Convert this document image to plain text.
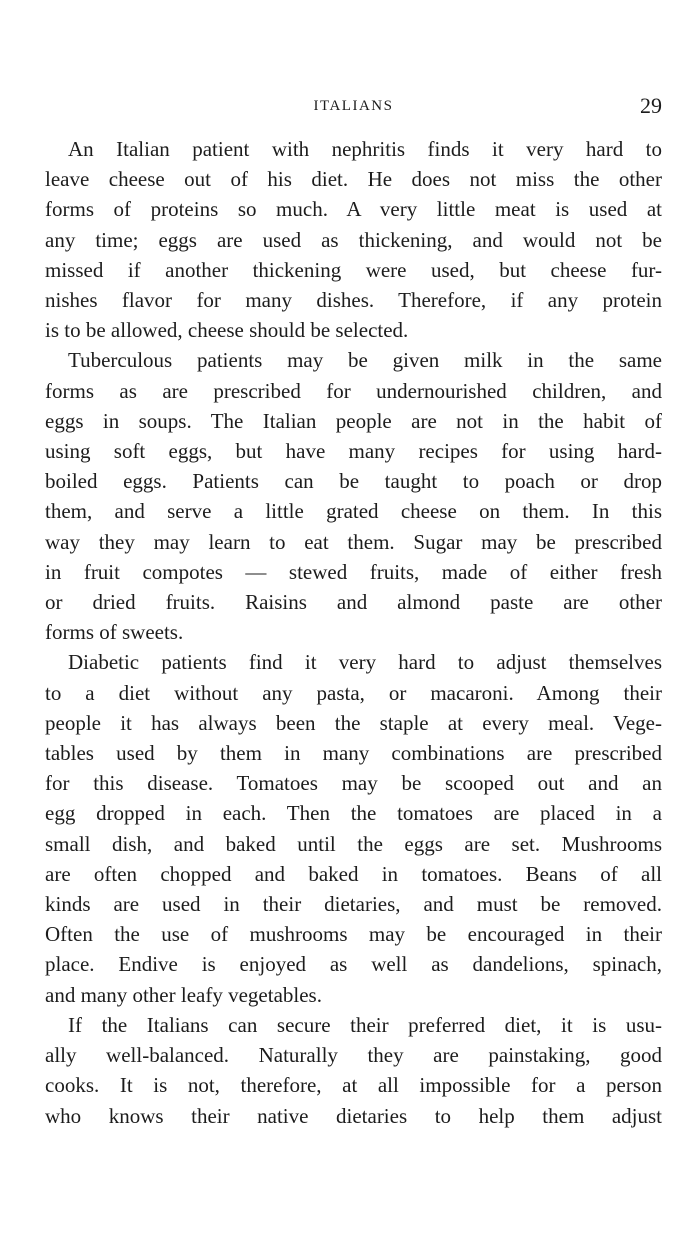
ITALIANS	29
An Italian patient with nephritis finds it very hard to
leave cheese out of his diet. He does not miss the other
forms of proteins so much. A very little meat is used at
any time; eggs are used as thickening, and would not be
missed if another thickening were used, but cheese fur-
nishes flavor for many dishes. Therefore, if any protein
is to be allowed, cheese should be selected.
Tuberculous patients may be given milk in the same
forms as are prescribed for undernourished children, and
eggs in soups. The Italian people are not in the habit of
using soft eggs, but have many recipes for using hard-
boiled eggs. Patients can be taught to poach or drop
them, and serve a little grated cheese on them. In this
way they may learn to eat them. Sugar may be prescribed
in fruit compotes — stewed fruits, made of either fresh
or dried fruits. Raisins and almond paste are other
forms of sweets.
Diabetic patients find it very hard to adjust themselves
to a diet without any pasta, or macaroni. Among their
people it has always been the staple at every meal. Vege-
tables used by them in many combinations are prescribed
for this disease. Tomatoes may be scooped out and an
egg dropped in each. Then the tomatoes are placed in a
small dish, and baked until the eggs are set. Mushrooms
are often chopped and baked in tomatoes. Beans of all
kinds are used in their dietaries, and must be removed.
Often the use of mushrooms may be encouraged in their
place. Endive is enjoyed as well as dandelions, spinach,
and many other leafy vegetables.
If the Italians can secure their preferred diet, it is usu-
ally well-balanced. Naturally they are painstaking, good
cooks. It is not, therefore, at all impossible for a person
who knows their native dietaries to help them adjust
